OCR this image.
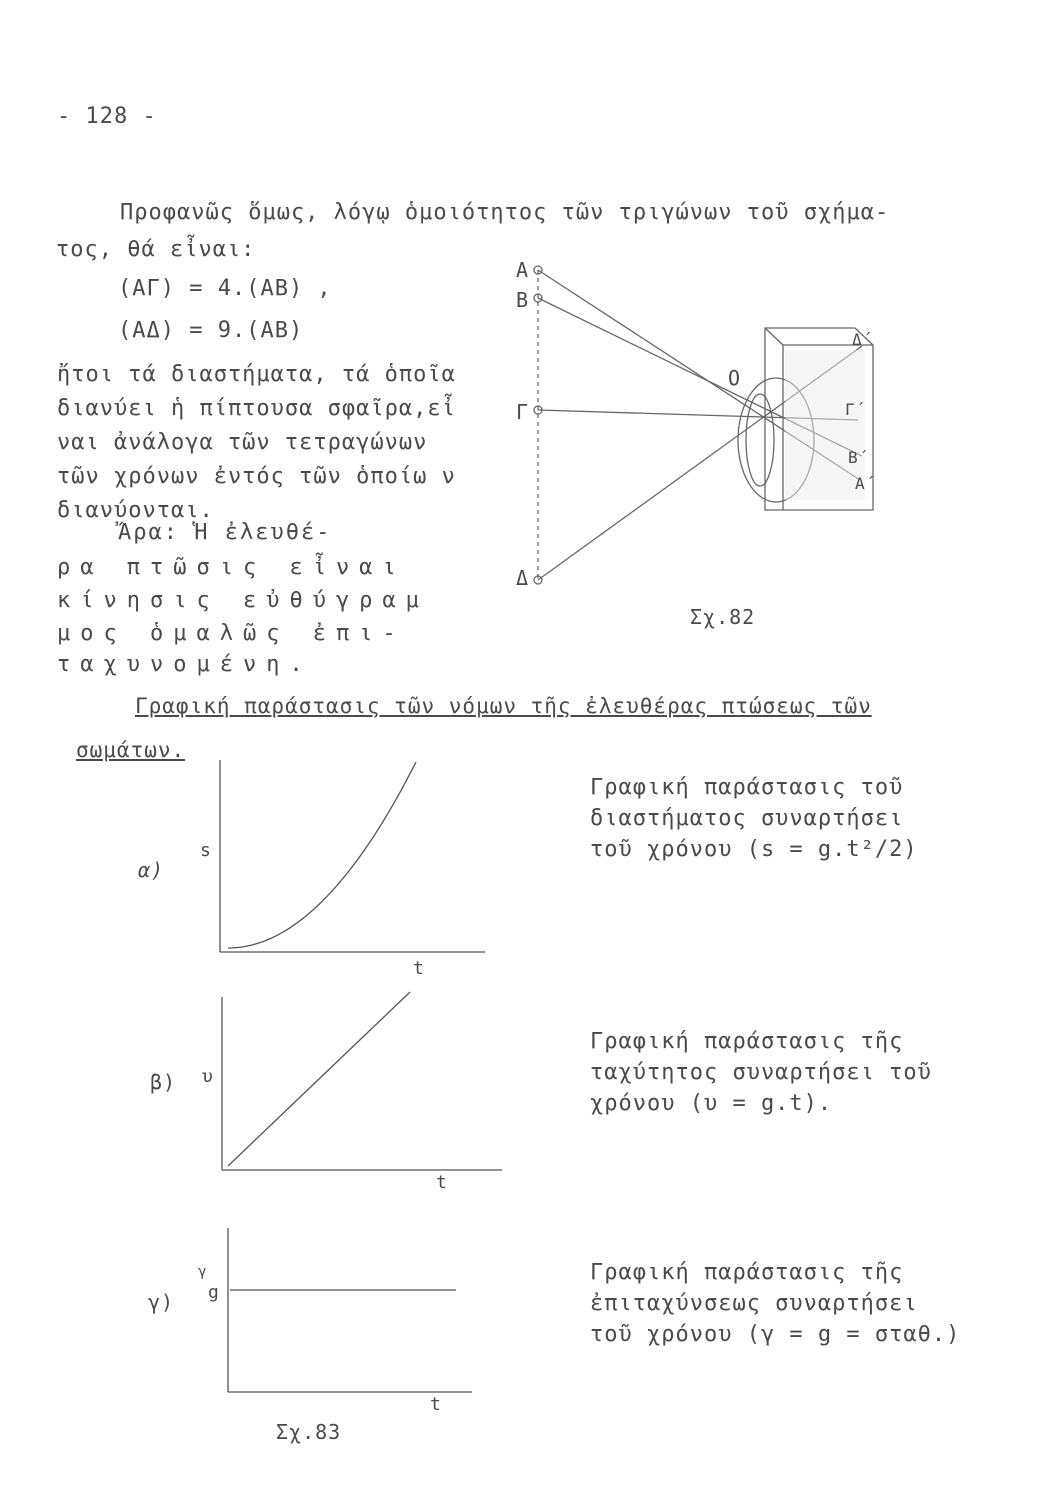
- 128 -
Προφανῶς ὅμως, λόγῳ ὁμοιότητος τῶν τριγώνων τοῦ σχήμα-
τος, θά εἶναι:
(ΑΓ) = 4.(ΑΒ) ,
(ΑΔ) = 9.(ΑΒ)
ἤτοι τά διαστήματα, τά ὁποῖα
διανύει ἡ πίπτουσα σφαῖρα,εἶ
ναι ἀνάλογα τῶν τετραγώνων
τῶν χρόνων ἐντός τῶν ὁποίω ν
διανύονται.
Ἄρα: Ἡ ἐλευθέ-
ρα πτῶσις εἶναι
κίνησις εὐθύγραμ
μος ὁμαλῶς ἐπι-
ταχυνομένη.
Α
Β
Γ
Δ
Ο
Δ΄
Γ΄
Β΄
Α΄
Σχ.82
Γραφική παράστασις τῶν νόμων τῆς ἐλευθέρας πτώσεως τῶν
σωμάτων.
α)
s
t
Γραφική παράστασις τοῦ
διαστήματος συναρτήσει
τοῦ χρόνου (s = g.t²/2)
β) υ
t
Γραφική παράστασις τῆς
ταχύτητος συναρτήσει τοῦ
χρόνου (υ = g.t).
γ)
γ
g
t
Γραφική παράστασις τῆς
ἐπιταχύνσεως συναρτήσει
τοῦ χρόνου (γ = g = σταθ.)
Σχ.83
